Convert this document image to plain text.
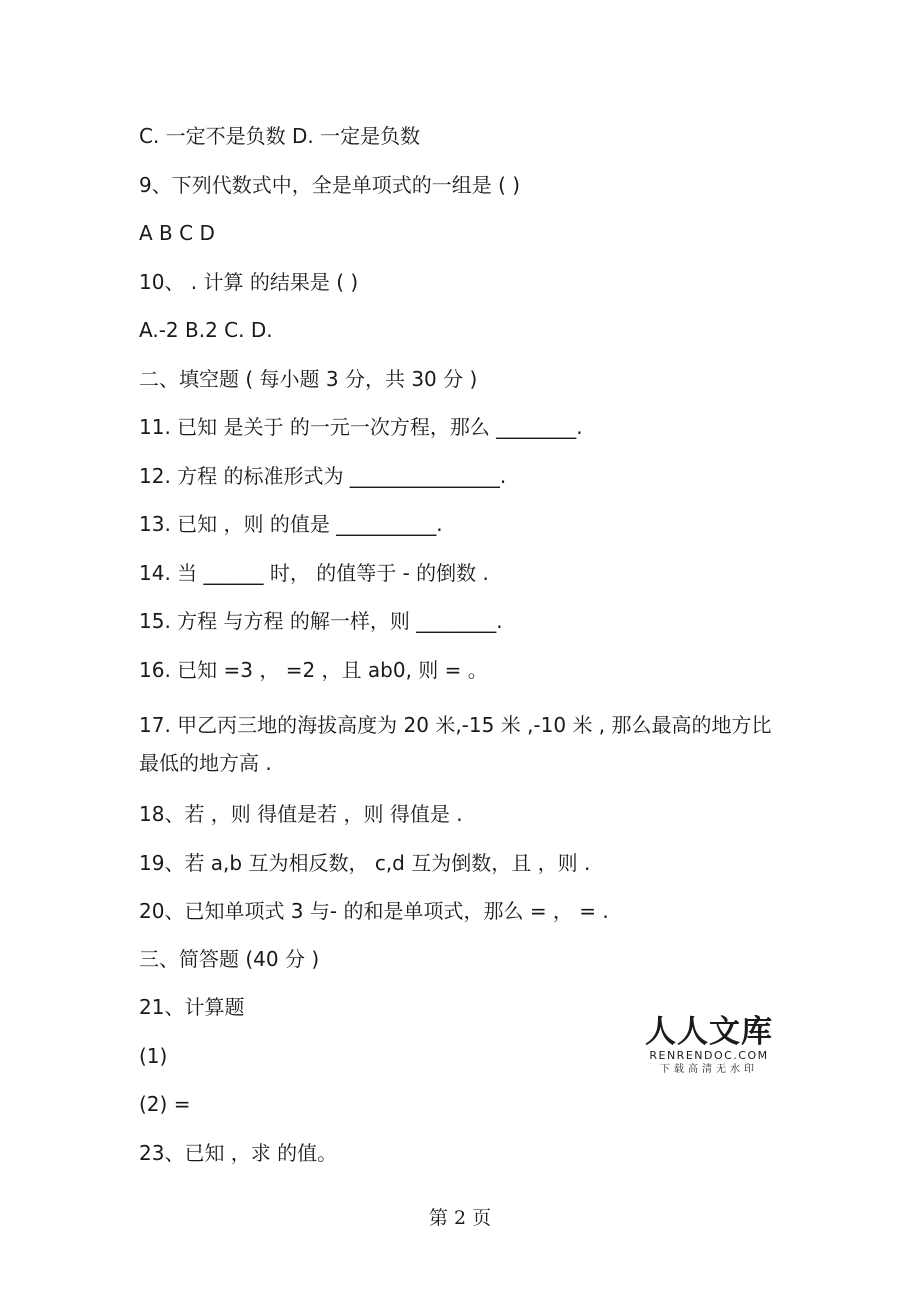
C. 一定不是负数 D. 一定是负数
9、下列代数式中，全是单项式的一组是 ( )
A B C D
10、 . 计算 的结果是 ( )
A.-2 B.2 C. D.
二、填空题 ( 每小题 3 分，共 30 分 )
11. 已知 是关于 的一元一次方程，那么 ________.
12. 方程 的标准形式为 _______________.
13. 已知 ，则 的值是 __________.
14. 当 ______ 时， 的值等于 - 的倒数 .
15. 方程 与方程 的解一样，则 ________.
16. 已知 =3 ， =2 ，且 ab0, 则 = 。
17. 甲乙丙三地的海拔高度为 20 米,-15 米 ,-10 米 , 那么最高的地方比最低的地方高 .
18、若 ，则 得值是若 ，则 得值是 .
19、若 a,b 互为相反数， c,d 互为倒数，且 ，则 .
20、已知单项式 3 与- 的和是单项式，那么 = ， = .
三、简答题 (40 分 )
21、计算题
(1)
(2) =
23、已知 ，求 的值。
人人文库
RENRENDOC.COM
下载高清无水印
第 2 页
